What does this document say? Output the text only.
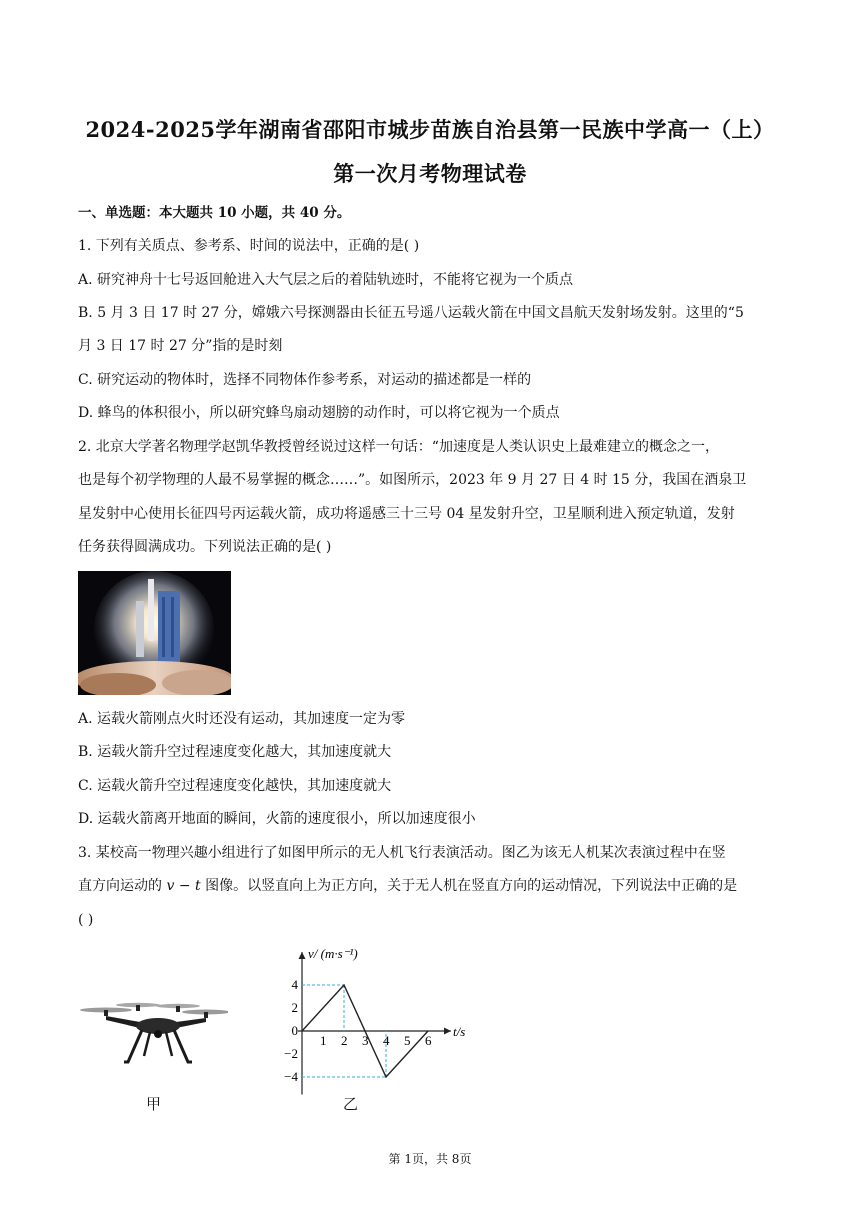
2024-2025学年湖南省邵阳市城步苗族自治县第一民族中学高一（上）
第一次月考物理试卷
一、单选题：本大题共 10 小题，共 40 分。
1. 下列有关质点、参考系、时间的说法中，正确的是( )
A. 研究神舟十七号返回舱进入大气层之后的着陆轨迹时，不能将它视为一个质点
B. 5 月 3 日 17 时 27 分，嫦娥六号探测器由长征五号遥八运载火箭在中国文昌航天发射场发射。这里的“5
月 3 日 17 时 27 分”指的是时刻
C. 研究运动的物体时，选择不同物体作参考系，对运动的描述都是一样的
D. 蜂鸟的体积很小，所以研究蜂鸟扇动翅膀的动作时，可以将它视为一个质点
2. 北京大学著名物理学赵凯华教授曾经说过这样一句话：“加速度是人类认识史上最难建立的概念之一，
也是每个初学物理的人最不易掌握的概念……”。如图所示，2023 年 9 月 27 日 4 时 15 分，我国在酒泉卫
星发射中心使用长征四号丙运载火箭，成功将遥感三十三号 04 星发射升空，卫星顺利进入预定轨道，发射
任务获得圆满成功。下列说法正确的是( )
A. 运载火箭刚点火时还没有运动，其加速度一定为零
B. 运载火箭升空过程速度变化越大，其加速度就大
C. 运载火箭升空过程速度变化越快，其加速度就大
D. 运载火箭离开地面的瞬间，火箭的速度很小，所以加速度很小
3. 某校高一物理兴趣小组进行了如图甲所示的无人机飞行表演活动。图乙为该无人机某次表演过程中在竖
直方向运动的 v − t 图像。以竖直向上为正方向，关于无人机在竖直方向的运动情况，下列说法中正确的是
( )
甲
1 2 3 4 5 6
4
2
0
−2
−4
v/ (m·s⁻¹)
t/s
乙
第 1页，共 8页
